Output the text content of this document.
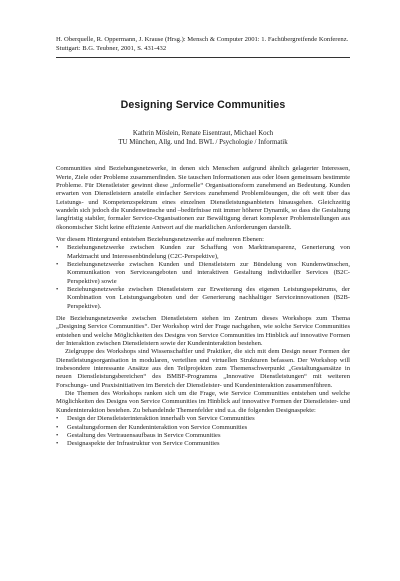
H. Oberquelle, R. Oppermann, J. Krause (Hrsg.): Mensch & Computer 2001: 1. Fachübergreifende Konferenz. Stuttgart: B.G. Teubner, 2001, S. 431-432

Designing Service Communities

Kathrin Möslein, Renate Eisentraut, Michael Koch

TU München, Allg. und Ind. BWL / Psychologie / Informatik

Communities sind Beziehungsnetzwerke, in denen sich Menschen aufgrund ähnlich gelagerter Interessen, Werte, Ziele oder Probleme zusammenfinden. Sie tauschen Informationen aus oder lösen gemeinsam bestimmte Probleme. Für Dienstleister gewinnt diese „informelle“ Organisationsform zunehmend an Bedeutung. Kunden erwarten von Dienstleistern anstelle einfacher Services zunehmend Problemlösungen, die oft weit über das Leistungs- und Kompetenzspektrum eines einzelnen Dienstleistungsanbieters hinausgehen. Gleichzeitig wandeln sich jedoch die Kundenwünsche und –bedürfnisse mit immer höherer Dynamik, so dass die Gestaltung langfristig stabiler, formaler Service-Organisationen zur Bewältigung derart komplexer Problemstellungen aus ökonomischer Sicht keine effiziente Antwort auf die marktlichen Anforderungen darstellt.

Vor diesem Hintergrund entstehen Beziehungsnetzwerke auf mehreren Ebenen:

• Beziehungsnetzwerke zwischen Kunden zur Schaffung von Markttransparenz, Generierung von Marktmacht und Interessenbündelung (C2C-Perspektive),
• Beziehungsnetzwerke zwischen Kunden und Dienstleistern zur Bündelung von Kundenwünschen, Kommunikation von Serviceangeboten und interaktiven Gestaltung individueller Services (B2C-Perspektive) sowie
• Beziehungsnetzwerke zwischen Dienstleistern zur Erweiterung des eigenen Leistungsspektrums, der Kombination von Leistungsangeboten und der Generierung nachhaltiger Serviceinnovationen (B2B-Perspektive).

Die Beziehungsnetzwerke zwischen Dienstleistern stehen im Zentrum dieses Workshops zum Thema „Designing Service Communities“. Der Workshop wird der Frage nachgehen, wie solche Service Communities entstehen und welche Möglichkeiten des Designs von Service Communities im Hinblick auf innovative Formen der Interaktion zwischen Dienstleistern sowie der Kundeninteraktion bestehen.

Zielgruppe des Workshops sind Wissenschaftler und Praktiker, die sich mit dem Design neuer Formen der Dienstleistungsorganisation in modularen, verteilten und virtuellen Strukturen befassen. Der Workshop will insbesondere interessante Ansätze aus den Teilprojekten zum Themenschwerpunkt „Gestaltungsansätze in neuen Dienstleistungsbereichen“ des BMBF-Programms „Innovative Dienstleistungen“ mit weiteren Forschungs- und Praxisinitiativen im Bereich der Dienstleister- und Kundeninteraktion zusammenführen.

Die Themen des Workshops ranken sich um die Frage, wie Service Communities entstehen und welche Möglichkeiten des Designs von Service Communities im Hinblick auf innovative Formen der Dienstleister- und Kundeninteraktion bestehen. Zu behandelnde Themenfelder sind u.a. die folgenden Designaspekte:

• Design der Dienstleisterinteraktion innerhalb von Service Communities
• Gestaltungsformen der Kundeninteraktion von Service Communities
• Gestaltung des Vertrauensaufbaus in Service Communities
• Designaspekte der Infrastruktur von Service Communities
